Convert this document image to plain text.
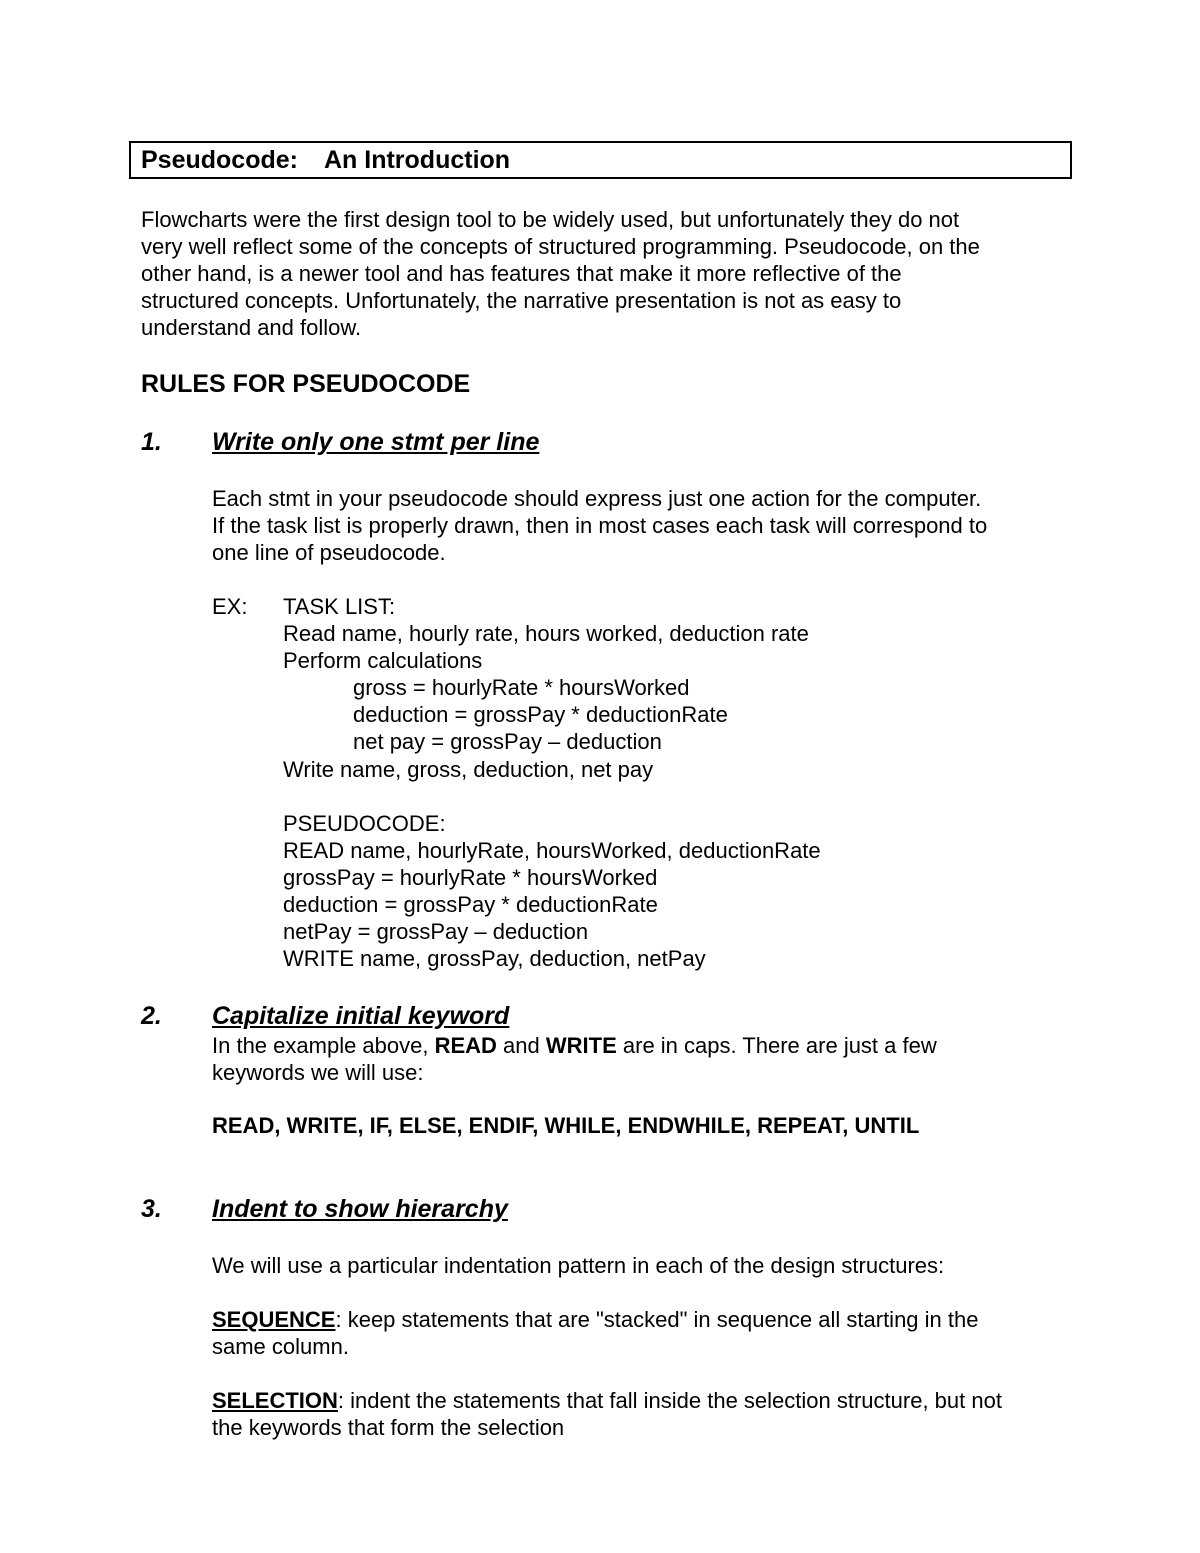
Pseudocode: An Introduction
Flowcharts were the first design tool to be widely used, but unfortunately they do not
very well reflect some of the concepts of structured programming. Pseudocode, on the
other hand, is a newer tool and has features that make it more reflective of the
structured concepts. Unfortunately, the narrative presentation is not as easy to
understand and follow.
RULES FOR PSEUDOCODE
1. Write only one stmt per line
Each stmt in your pseudocode should express just one action for the computer.
If the task list is properly drawn, then in most cases each task will correspond to
one line of pseudocode.
EX: TASK LIST:
Read name, hourly rate, hours worked, deduction rate
Perform calculations
gross = hourlyRate * hoursWorked
deduction = grossPay * deductionRate
net pay = grossPay – deduction
Write name, gross, deduction, net pay
PSEUDOCODE:
READ name, hourlyRate, hoursWorked, deductionRate
grossPay = hourlyRate * hoursWorked
deduction = grossPay * deductionRate
netPay = grossPay – deduction
WRITE name, grossPay, deduction, netPay
2. Capitalize initial keyword
In the example above, READ and WRITE are in caps. There are just a few
keywords we will use:
READ, WRITE, IF, ELSE, ENDIF, WHILE, ENDWHILE, REPEAT, UNTIL
3. Indent to show hierarchy
We will use a particular indentation pattern in each of the design structures:
SEQUENCE: keep statements that are "stacked" in sequence all starting in the
same column.
SELECTION: indent the statements that fall inside the selection structure, but not
the keywords that form the selection
